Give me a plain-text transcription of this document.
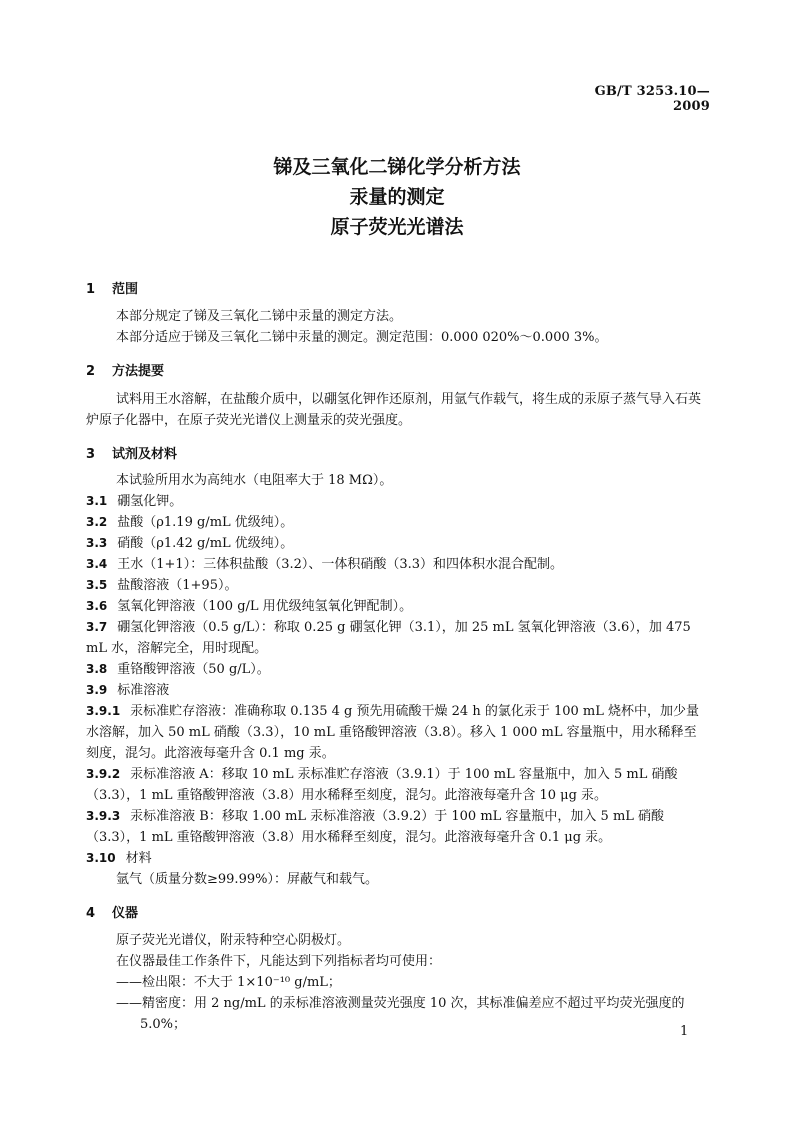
GB/T 3253.10—2009
锑及三氧化二锑化学分析方法
汞量的测定
原子荧光光谱法
1 范围
本部分规定了锑及三氧化二锑中汞量的测定方法。
本部分适应于锑及三氧化二锑中汞量的测定。测定范围：0.000 020%～0.000 3%。
2 方法提要
试料用王水溶解，在盐酸介质中，以硼氢化钾作还原剂，用氩气作载气，将生成的汞原子蒸气导入石英炉原子化器中，在原子荧光光谱仪上测量汞的荧光强度。
3 试剂及材料
本试验所用水为高纯水（电阻率大于 18 MΩ）。
3.1 硼氢化钾。
3.2 盐酸（ρ1.19 g/mL 优级纯）。
3.3 硝酸（ρ1.42 g/mL 优级纯）。
3.4 王水（1+1）：三体积盐酸（3.2）、一体积硝酸（3.3）和四体积水混合配制。
3.5 盐酸溶液（1+95）。
3.6 氢氧化钾溶液（100 g/L 用优级纯氢氧化钾配制）。
3.7 硼氢化钾溶液（0.5 g/L）：称取 0.25 g 硼氢化钾（3.1），加 25 mL 氢氧化钾溶液（3.6），加 475 mL 水，溶解完全，用时现配。
3.8 重铬酸钾溶液（50 g/L）。
3.9 标准溶液
3.9.1 汞标准贮存溶液：准确称取 0.135 4 g 预先用硫酸干燥 24 h 的氯化汞于 100 mL 烧杯中，加少量水溶解，加入 50 mL 硝酸（3.3），10 mL 重铬酸钾溶液（3.8）。移入 1 000 mL 容量瓶中，用水稀释至刻度，混匀。此溶液每毫升含 0.1 mg 汞。
3.9.2 汞标准溶液 A：移取 10 mL 汞标准贮存溶液（3.9.1）于 100 mL 容量瓶中，加入 5 mL 硝酸（3.3），1 mL 重铬酸钾溶液（3.8）用水稀释至刻度，混匀。此溶液每毫升含 10 μg 汞。
3.9.3 汞标准溶液 B：移取 1.00 mL 汞标准溶液（3.9.2）于 100 mL 容量瓶中，加入 5 mL 硝酸（3.3），1 mL 重铬酸钾溶液（3.8）用水稀释至刻度，混匀。此溶液每毫升含 0.1 μg 汞。
3.10 材料
氩气（质量分数≥99.99%）：屏蔽气和载气。
4 仪器
原子荧光光谱仪，附汞特种空心阴极灯。
在仪器最佳工作条件下，凡能达到下列指标者均可使用：
——检出限：不大于 1×10⁻¹⁰ g/mL；
——精密度：用 2 ng/mL 的汞标准溶液测量荧光强度 10 次，其标准偏差应不超过平均荧光强度的 5.0%；	1
